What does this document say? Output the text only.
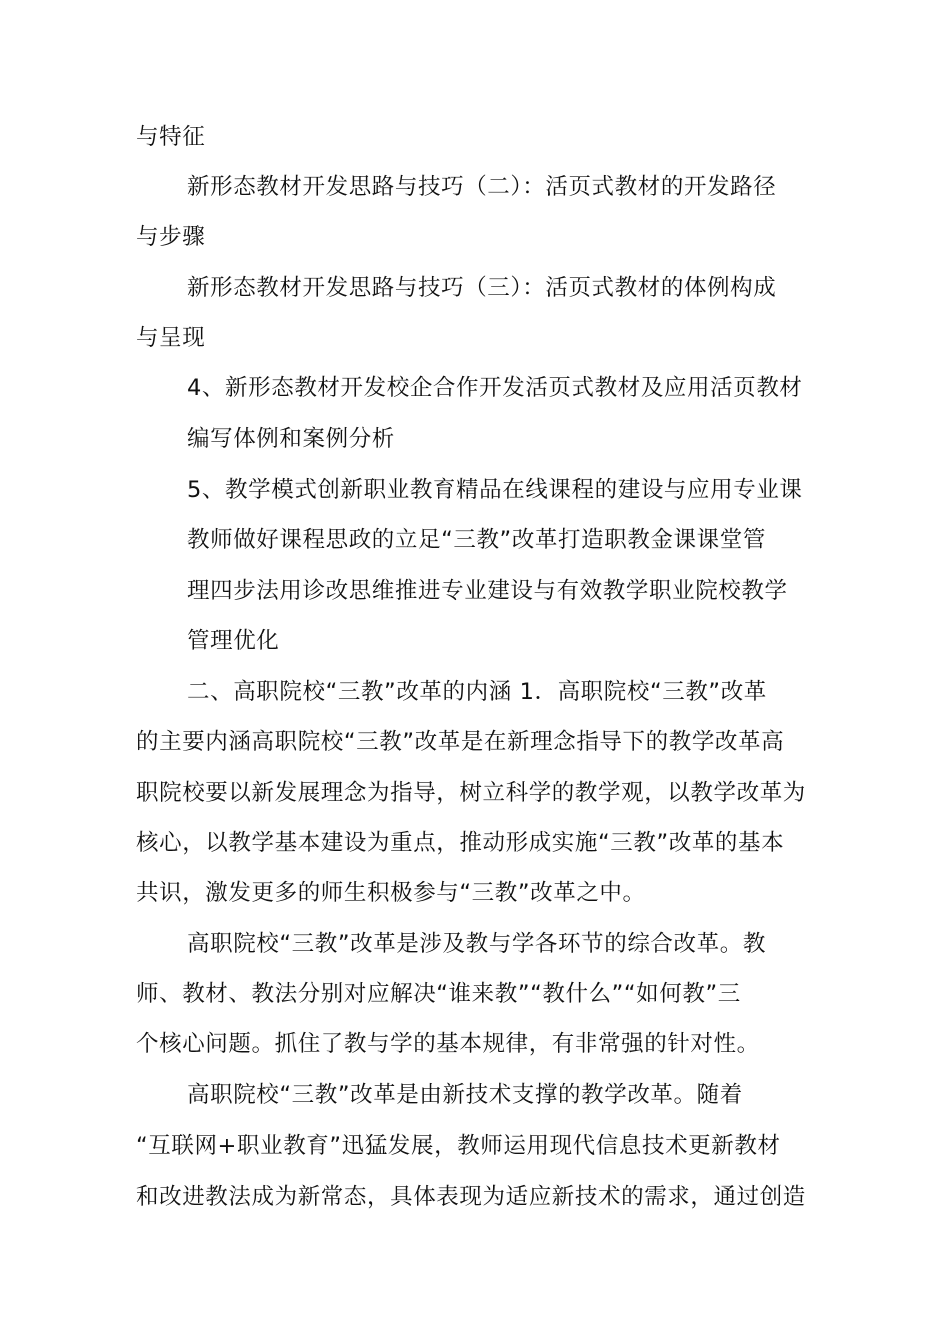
与特征
新形态教材开发思路与技巧（二）：活页式教材的开发路径
与步骤
新形态教材开发思路与技巧（三）：活页式教材的体例构成
与呈现
4、新形态教材开发校企合作开发活页式教材及应用活页教材
编写体例和案例分析
5、教学模式创新职业教育精品在线课程的建设与应用专业课
教师做好课程思政的立足“三教”改革打造职教金课课堂管
理四步法用诊改思维推进专业建设与有效教学职业院校教学
管理优化
二、高职院校“三教”改革的内涵 1．高职院校“三教”改革
的主要内涵高职院校“三教”改革是在新理念指导下的教学改革高
职院校要以新发展理念为指导，树立科学的教学观，以教学改革为
核心，以教学基本建设为重点，推动形成实施“三教”改革的基本
共识，激发更多的师生积极参与“三教”改革之中。
高职院校“三教”改革是涉及教与学各环节的综合改革。教
师、教材、教法分别对应解决“谁来教”“教什么”“如何教”三
个核心问题。抓住了教与学的基本规律，有非常强的针对性。
高职院校“三教”改革是由新技术支撑的教学改革。随着
“互联网+职业教育”迅猛发展，教师运用现代信息技术更新教材
和改进教法成为新常态，具体表现为适应新技术的需求，通过创造
